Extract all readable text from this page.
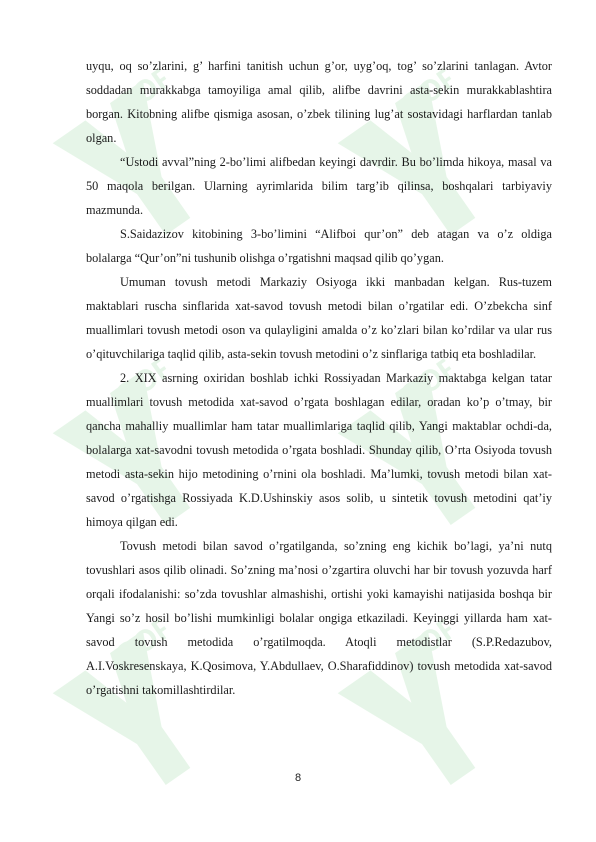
SOFT	SOFT
SOFT	SOFT
SOFT	SOFT

uyqu, oq so’zlarini, g’ harfini tanitish uchun g’or, uyg’oq, tog’ so’zlarini tanlagan. Avtor soddadan murakkabga tamoyiliga amal qilib, alifbe davrini asta-sekin murakkablashtira borgan. Kitobning alifbe qismiga asosan, o’zbek tilining lug’at sostavidagi harflardan tanlab olgan.

“Ustodi avval”ning 2-bo’limi alifbedan keyingi davrdir. Bu bo’limda hikoya, masal va 50 maqola berilgan. Ularning ayrimlarida bilim targ’ib qilinsa, boshqalari tarbiyaviy mazmunda.

S.Saidazizov kitobining 3-bo’limini “Alifboi qur’on” deb atagan va o’z oldiga bolalarga “Qur’on”ni tushunib olishga o’rgatishni maqsad qilib qo’ygan.

Umuman tovush metodi Markaziy Osiyoga ikki manbadan kelgan. Rus-tuzem maktablari ruscha sinflarida xat-savod tovush metodi bilan o’rgatilar edi. O’zbekcha sinf muallimlari tovush metodi oson va qulayligini amalda o’z ko’zlari bilan ko’rdilar va ular rus o’qituvchilariga taqlid qilib, asta-sekin tovush metodini o’z sinflariga tatbiq eta boshladilar.

2. XIX asrning oxiridan boshlab ichki Rossiyadan Markaziy maktabga kelgan tatar muallimlari tovush metodida xat-savod o’rgata boshlagan edilar, oradan ko’p o’tmay, bir qancha mahalliy muallimlar ham tatar muallimlariga taqlid qilib, Yangi maktablar ochdi-da, bolalarga xat-savodni tovush metodida o’rgata boshladi. Shunday qilib, O’rta Osiyoda tovush metodi asta-sekin hijo metodining o’rnini ola boshladi. Ma’lumki, tovush metodi bilan xat-savod o’rgatishga Rossiyada K.D.Ushinskiy asos solib, u sintetik tovush metodini qat’iy himoya qilgan edi.

Tovush metodi bilan savod o’rgatilganda, so’zning eng kichik bo’lagi, ya’ni nutq tovushlari asos qilib olinadi. So’zning ma’nosi o’zgartira oluvchi har bir tovush yozuvda harf orqali ifodalanishi: so’zda tovushlar almashishi, ortishi yoki kamayishi natijasida boshqa bir Yangi so’z hosil bo’lishi mumkinligi bolalar ongiga etkaziladi. Keyinggi yillarda ham xat-savod tovush metodida o’rgatilmoqda. Atoqli metodistlar (S.P.Redazubov, A.I.Voskresenskaya, K.Qosimova, Y.Abdullaev, O.Sharafiddinov) tovush metodida xat-savod o’rgatishni takomillashtirdilar.

8
